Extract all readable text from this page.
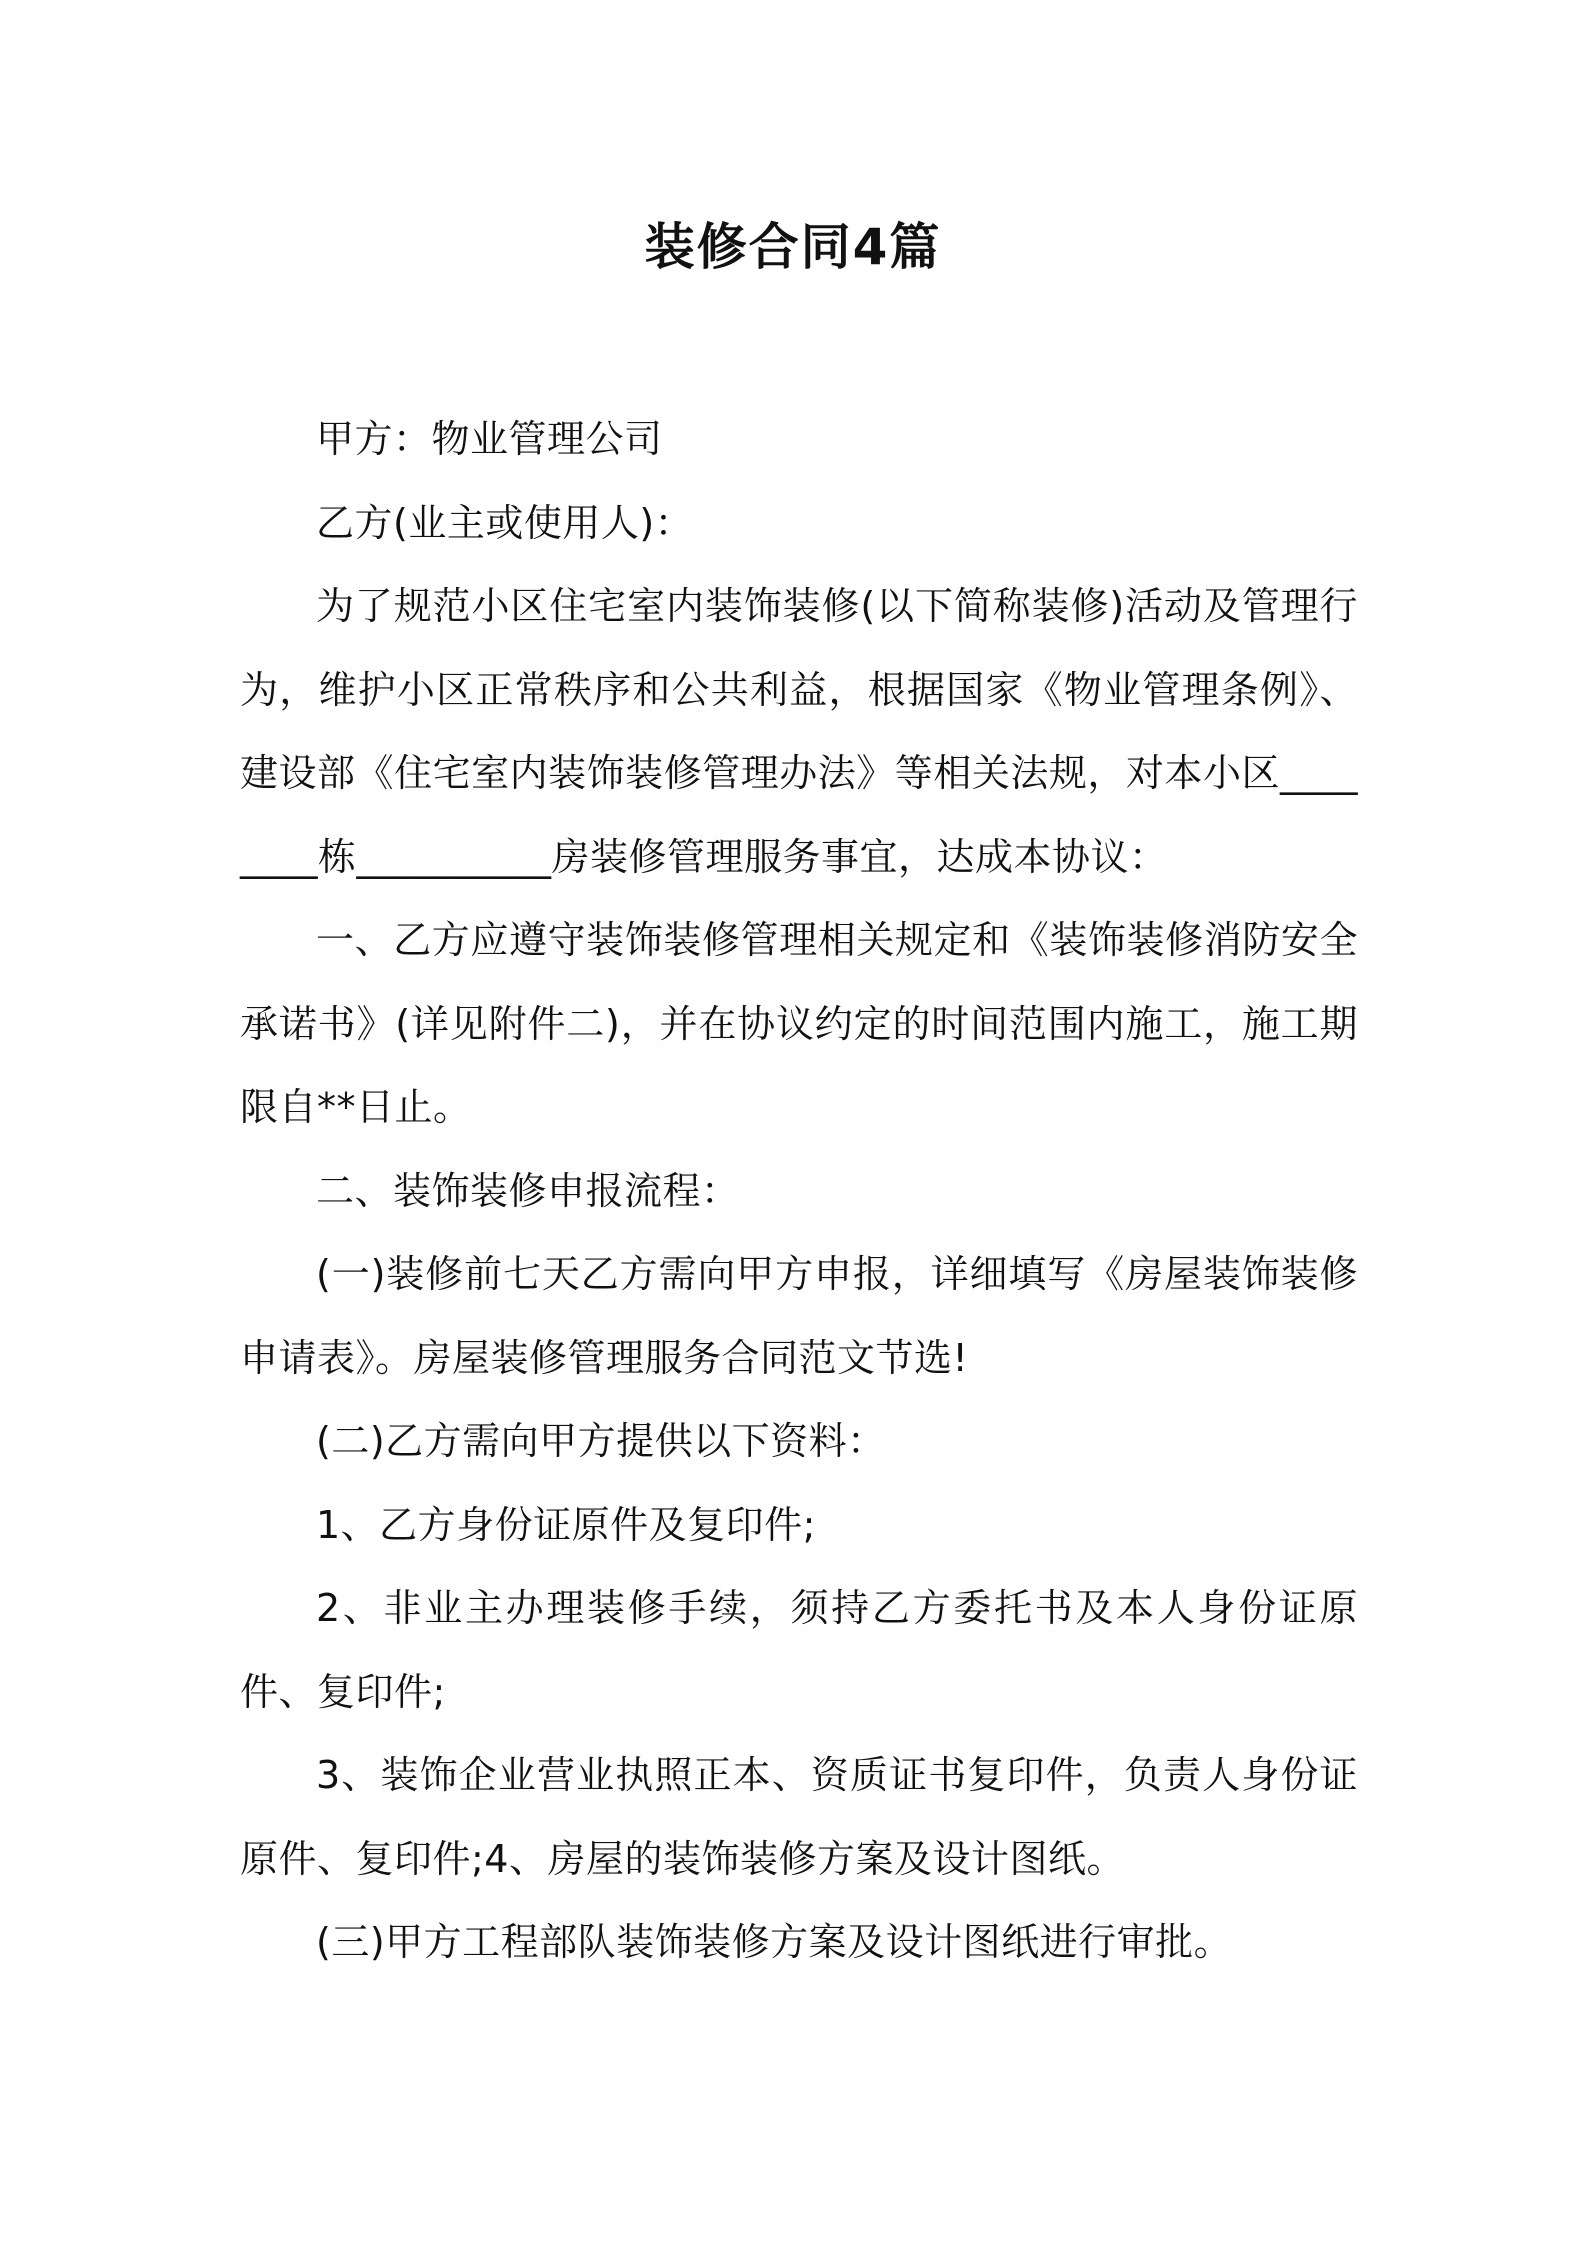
装修合同4篇

甲方：物业管理公司

乙方(业主或使用人)：

为了规范小区住宅室内装饰装修(以下简称装修)活动及管理行为，维护小区正常秩序和公共利益，根据国家《物业管理条例》、建设部《住宅室内装饰装修管理办法》等相关法规，对本小区________栋__________房装修管理服务事宜，达成本协议：

一、乙方应遵守装饰装修管理相关规定和《装饰装修消防安全承诺书》(详见附件二)，并在协议约定的时间范围内施工，施工期限自**日止。

二、装饰装修申报流程：

(一)装修前七天乙方需向甲方申报，详细填写《房屋装饰装修申请表》。房屋装修管理服务合同范文节选!

(二)乙方需向甲方提供以下资料：

1、乙方身份证原件及复印件;

2、非业主办理装修手续，须持乙方委托书及本人身份证原件、复印件;

3、装饰企业营业执照正本、资质证书复印件，负责人身份证原件、复印件;4、房屋的装饰装修方案及设计图纸。

(三)甲方工程部队装饰装修方案及设计图纸进行审批。
